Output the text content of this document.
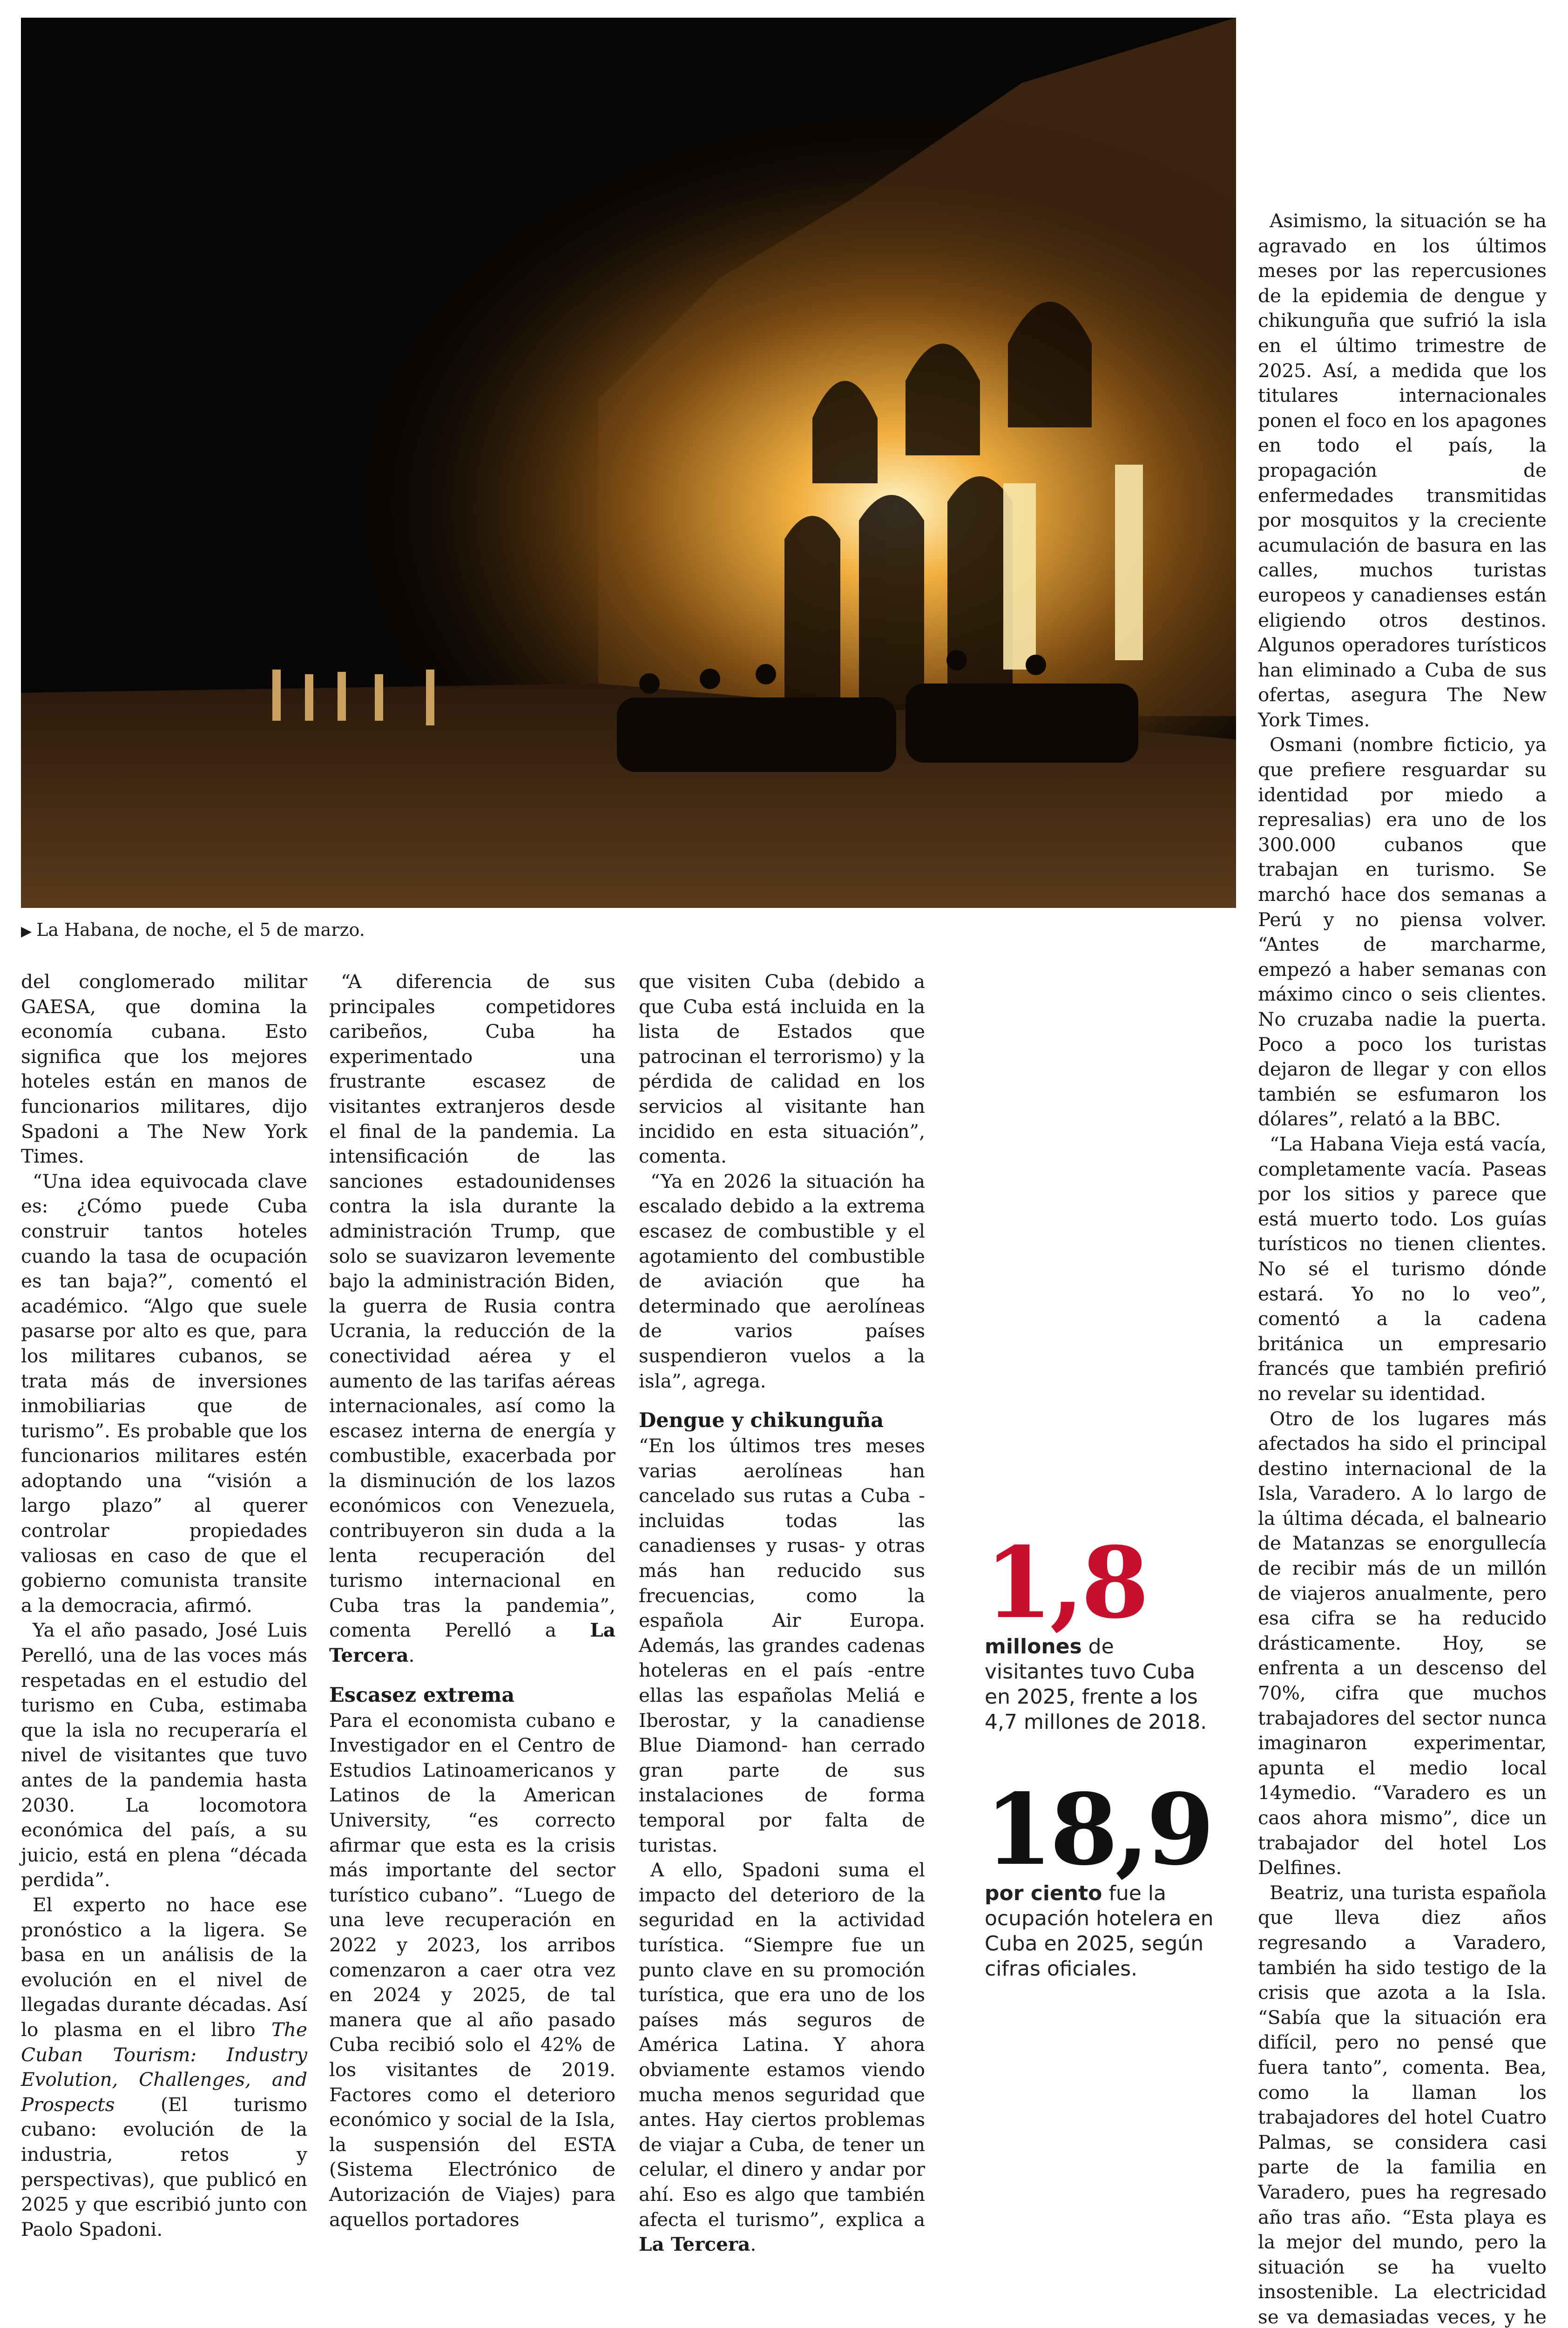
▶ La Habana, de noche, el 5 de marzo.

del conglomerado militar GAESA, que domina la economía cubana. Esto significa que los mejores hoteles están en manos de funcionarios militares, dijo Spadoni a The New York Times.

“Una idea equivocada clave es: ¿Cómo puede Cuba construir tantos hoteles cuando la tasa de ocupación es tan baja?”, comentó el académico. “Algo que suele pasarse por alto es que, para los militares cubanos, se trata más de inversiones inmobiliarias que de turismo”. Es probable que los funcionarios militares estén adoptando una “visión a largo plazo” al querer controlar propiedades valiosas en caso de que el gobierno comunista transite a la democracia, afirmó.

Ya el año pasado, José Luis Perelló, una de las voces más respetadas en el estudio del turismo en Cuba, estimaba que la isla no recuperaría el nivel de visitantes que tuvo antes de la pandemia hasta 2030. La locomotora económica del país, a su juicio, está en plena “década perdida”.

El experto no hace ese pronóstico a la ligera. Se basa en un análisis de la evolución en el nivel de llegadas durante décadas. Así lo plasma en el libro The Cuban Tourism: Industry Evolution, Challenges, and Prospects (El turismo cubano: evolución de la industria, retos y perspectivas), que publicó en 2025 y que escribió junto con Paolo Spadoni.

“A diferencia de sus principales competidores caribeños, Cuba ha experimentado una frustrante escasez de visitantes extranjeros desde el final de la pandemia. La intensificación de las sanciones estadounidenses contra la isla durante la administración Trump, que solo se suavizaron levemente bajo la administración Biden, la guerra de Rusia contra Ucrania, la reducción de la conectividad aérea y el aumento de las tarifas aéreas internacionales, así como la escasez interna de energía y combustible, exacerbada por la disminución de los lazos económicos con Venezuela, contribuyeron sin duda a la lenta recuperación del turismo internacional en Cuba tras la pandemia”, comenta Perelló a La Tercera.

Escasez extrema

Para el economista cubano e Investigador en el Centro de Estudios Latinoamericanos y Latinos de la American University, “es correcto afirmar que esta es la crisis más importante del sector turístico cubano”. “Luego de una leve recuperación en 2022 y 2023, los arribos comenzaron a caer otra vez en 2024 y 2025, de tal manera que al año pasado Cuba recibió solo el 42% de los visitantes de 2019. Factores como el deterioro económico y social de la Isla, la suspensión del ESTA (Sistema Electrónico de Autorización de Viajes) para aquellos portadores

que visiten Cuba (debido a que Cuba está incluida en la lista de Estados que patrocinan el terrorismo) y la pérdida de calidad en los servicios al visitante han incidido en esta situación”, comenta.

“Ya en 2026 la situación ha escalado debido a la extrema escasez de combustible y el agotamiento del combustible de aviación que ha determinado que aerolíneas de varios países suspendieron vuelos a la isla”, agrega.

Dengue y chikunguña

“En los últimos tres meses varias aerolíneas han cancelado sus rutas a Cuba -incluidas todas las canadienses y rusas- y otras más han reducido sus frecuencias, como la española Air Europa. Además, las grandes cadenas hoteleras en el país -entre ellas las españolas Meliá e Iberostar, y la canadiense Blue Diamond- han cerrado gran parte de sus instalaciones de forma temporal por falta de turistas.

A ello, Spadoni suma el impacto del deterioro de la seguridad en la actividad turística. “Siempre fue un punto clave en su promoción turística, que era uno de los países más seguros de América Latina. Y ahora obviamente estamos viendo mucha menos seguridad que antes. Hay ciertos problemas de viajar a Cuba, de tener un celular, el dinero y andar por ahí. Eso es algo que también afecta el turismo”, explica a La Tercera.

1,8
millones de visitantes tuvo Cuba en 2025, frente a los 4,7 millones de 2018.
18,9
por ciento fue la ocupación hotelera en Cuba en 2025, según cifras oficiales.

Asimismo, la situación se ha agravado en los últimos meses por las repercusiones de la epidemia de dengue y chikunguña que sufrió la isla en el último trimestre de 2025. Así, a medida que los titulares internacionales ponen el foco en los apagones en todo el país, la propagación de enfermedades transmitidas por mosquitos y la creciente acumulación de basura en las calles, muchos turistas europeos y canadienses están eligiendo otros destinos. Algunos operadores turísticos han eliminado a Cuba de sus ofertas, asegura The New York Times.

Osmani (nombre ficticio, ya que prefiere resguardar su identidad por miedo a represalias) era uno de los 300.000 cubanos que trabajan en turismo. Se marchó hace dos semanas a Perú y no piensa volver. “Antes de marcharme, empezó a haber semanas con máximo cinco o seis clientes. No cruzaba nadie la puerta. Poco a poco los turistas dejaron de llegar y con ellos también se esfumaron los dólares”, relató a la BBC.

“La Habana Vieja está vacía, completamente vacía. Paseas por los sitios y parece que está muerto todo. Los guías turísticos no tienen clientes. No sé el turismo dónde estará. Yo no lo veo”, comentó a la cadena británica un empresario francés que también prefirió no revelar su identidad.

Otro de los lugares más afectados ha sido el principal destino internacional de la Isla, Varadero. A lo largo de la última década, el balneario de Matanzas se enorgullecía de recibir más de un millón de viajeros anualmente, pero esa cifra se ha reducido drásticamente. Hoy, se enfrenta a un descenso del 70%, cifra que muchos trabajadores del sector nunca imaginaron experimentar, apunta el medio local 14ymedio. “Varadero es un caos ahora mismo”, dice un trabajador del hotel Los Delfines.

Beatriz, una turista española que lleva diez años regresando a Varadero, también ha sido testigo de la crisis que azota a la Isla. “Sabía que la situación era difícil, pero no pensé que fuera tanto”, comenta. Bea, como la llaman los trabajadores del hotel Cuatro Palmas, se considera casi parte de la familia en Varadero, pues ha regresado año tras año. “Esta playa es la mejor del mundo, pero la situación se ha vuelto insostenible. La electricidad se va demasiadas veces, y he
